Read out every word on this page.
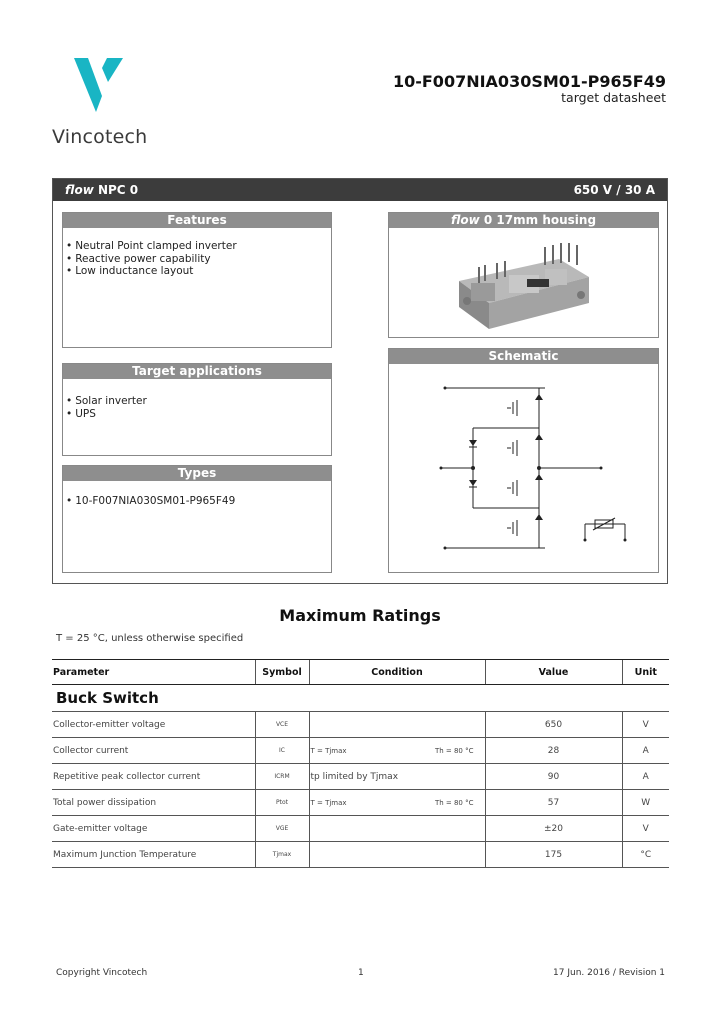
Vincotech
10-F007NIA030SM01-P965F49
target datasheet
flow NPC 0	650 V / 30 A
Features
• Neutral Point clamped inverter
• Reactive power capability
• Low inductance layout
flow 0 17mm housing
Target applications
• Solar inverter
• UPS
Schematic
Types
• 10-F007NIA030SM01-P965F49
Maximum Ratings
T = 25 °C, unless otherwise specified
Parameter	Symbol	Condition	Value	Unit
Buck Switch				
Collector-emitter voltage	VCE		650	V
Collector current	IC	T = Tjmax Th = 80 °C	28	A
Repetitive peak collector current	ICRM	tp limited by Tjmax	90	A
Total power dissipation	Ptot	T = Tjmax Th = 80 °C	57	W
Gate-emitter voltage	VGE		±20	V
Maximum Junction Temperature	Tjmax		175	°C
Copyright Vincotech	1	17 Jun. 2016 / Revision 1
